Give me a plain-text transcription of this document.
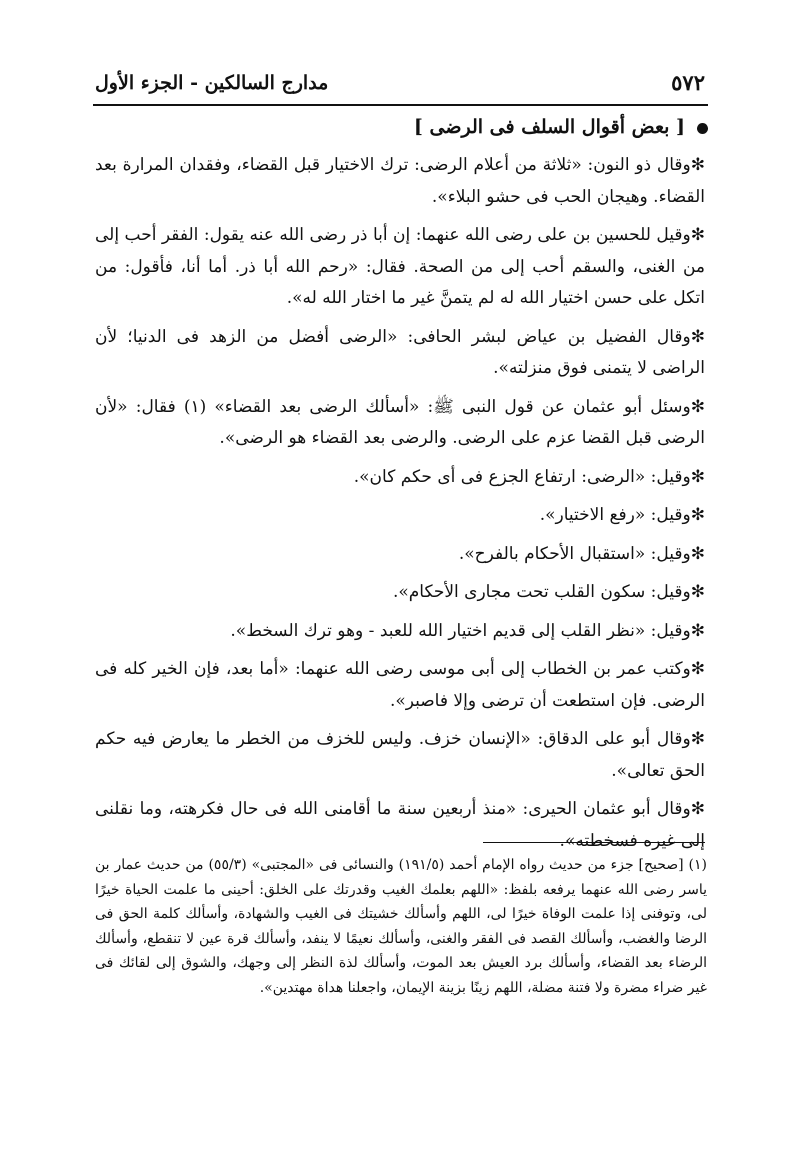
٥٧٢
مدارج السالكين - الجزء الأول
[ بعض أقوال السلف فى الرضى ]

✻وقال ذو النون: «ثلاثة من أعلام الرضى: ترك الاختيار قبل القضاء، وفقدان المرارة بعد القضاء. وهيجان الحب فى حشو البلاء».

✻وقيل للحسين بن على رضى الله عنهما: إن أبا ذر رضى الله عنه يقول: الفقر أحب إلى من الغنى، والسقم أحب إلى من الصحة. فقال: «رحم الله أبا ذر. أما أنا، فأقول: من اتكل على حسن اختيار الله له لم يتمنَّ غير ما اختار الله له».

✻وقال الفضيل بن عياض لبشر الحافى: «الرضى أفضل من الزهد فى الدنيا؛ لأن الراضى لا يتمنى فوق منزلته».

✻وسئل أبو عثمان عن قول النبى ﷺ: «أسألك الرضى بعد القضاء» (١) فقال: «لأن الرضى قبل القضا عزم على الرضى. والرضى بعد القضاء هو الرضى».

✻وقيل: «الرضى: ارتفاع الجزع فى أى حكم كان».

✻وقيل: «رفع الاختيار».

✻وقيل: «استقبال الأحكام بالفرح».

✻وقيل: سكون القلب تحت مجارى الأحكام».

✻وقيل: «نظر القلب إلى قديم اختيار الله للعبد - وهو ترك السخط».

✻وكتب عمر بن الخطاب إلى أبى موسى رضى الله عنهما: «أما بعد، فإن الخير كله فى الرضى. فإن استطعت أن ترضى وإلا فاصبر».

✻وقال أبو على الدقاق: «الإنسان خزف. وليس للخزف من الخطر ما يعارض فيه حكم الحق تعالى».

✻وقال أبو عثمان الحيرى: «منذ أربعين سنة ما أقامنى الله فى حال فكرهته، وما نقلنى إلى غيره فسخطته».

(١) [صحيح] جزء من حديث رواه الإمام أحمد (١٩١/٥) والنسائى فى «المجتبى» (٥٥/٣) من حديث عمار بن ياسر رضى الله عنهما يرفعه بلفظ: «اللهم بعلمك الغيب وقدرتك على الخلق: أحينى ما علمت الحياة خيرًا لى، وتوفنى إذا علمت الوفاة خيرًا لى، اللهم وأسألك خشيتك فى الغيب والشهادة، وأسألك كلمة الحق فى الرضا والغضب، وأسألك القصد فى الفقر والغنى، وأسألك نعيمًا لا ينفد، وأسألك قرة عين لا تنقطع، وأسألك الرضاء بعد القضاء، وأسألك برد العيش بعد الموت، وأسألك لذة النظر إلى وجهك، والشوق إلى لقائك فى غير ضراء مضرة ولا فتنة مضلة، اللهم زينًا بزينة الإيمان، واجعلنا هداة مهتدين».
